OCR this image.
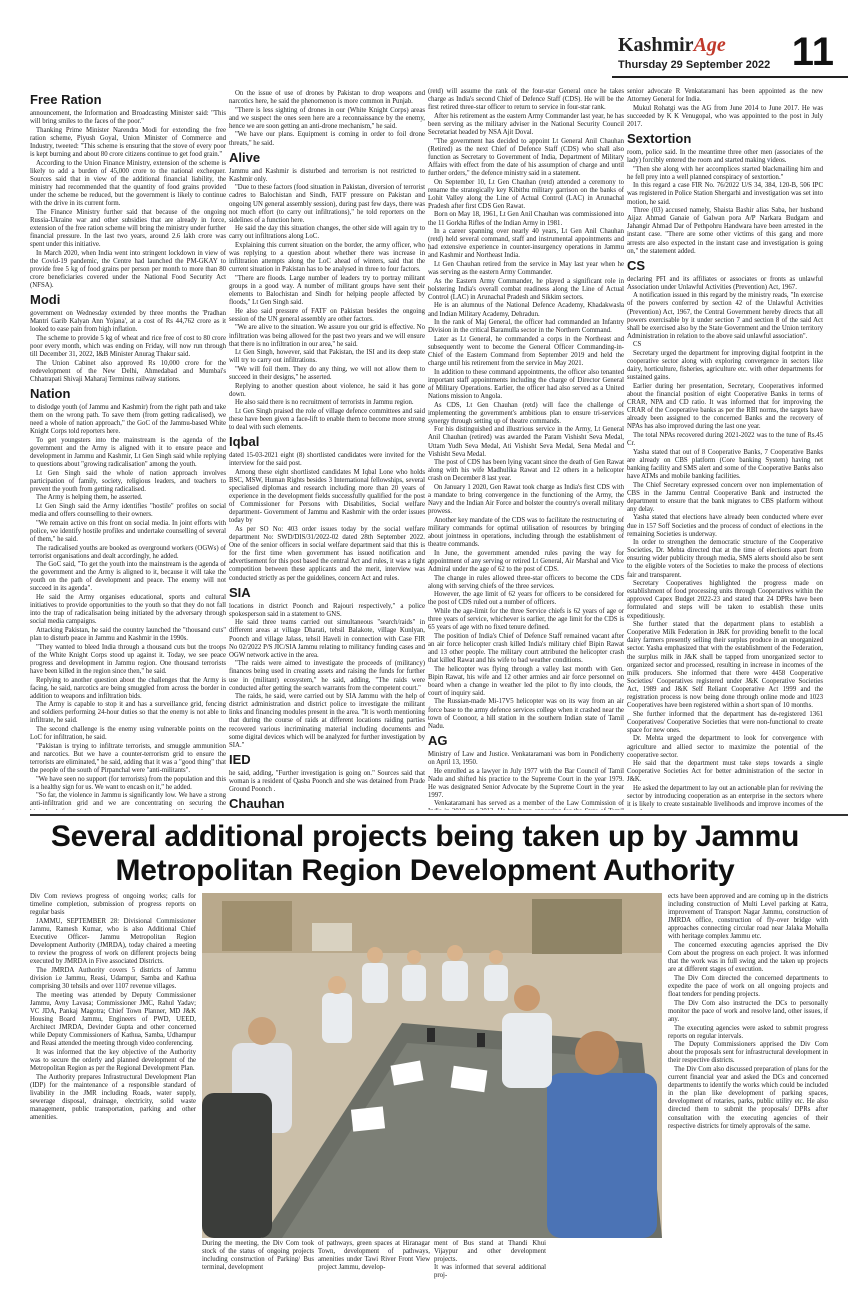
KashmirAge
Thursday 29 September 2022 11
Free Ration

announcement, the Information and Broadcasting Minister said: "This will bring smiles to the faces of the poor."

Thanking Prime Minister Narendra Modi for extending the free ration scheme, Piyush Goyal, Union Minister of Commerce and Industry, tweeted: "This scheme is ensuring that the stove of every poor is kept burning and about 80 crore citizens continue to get food grain."

According to the Union Finance Ministry, extension of the scheme is likely to add a burden of 45,000 crore to the national exchequer. Sources said that in view of the additional financial liability, the ministry had recommended that the quantity of food grains provided under the scheme be reduced, but the government is likely to continue with the drive in its current form.

The Finance Ministry further said that because of the ongoing Russia-Ukraine war and other subsidies that are already in force, extension of the free ration scheme will bring the ministry under further financial pressure. In the last two years, around 2.6 lakh crore was spent under this initiative.

In March 2020, when India went into stringent lockdown in view of the Covid-19 pandemic, the Centre had launched the PM-GKAY to provide free 5 kg of food grains per person per month to more than 80 crore beneficiaries covered under the National Food Security Act (NFSA).

Modi

government on Wednesday extended by three months the 'Pradhan Mantri Garib Kalyan Ann Yojana', at a cost of Rs 44,762 crore as it looked to ease pain from high inflation.

The scheme to provide 5 kg of wheat and rice free of cost to 80 crore poor every month, which was ending on Friday, will now run through till December 31, 2022, I&B Minister Anurag Thakur said.

The Union Cabinet also approved Rs 10,000 crore for the redevelopment of the New Delhi, Ahmedabad and Mumbai's Chhatrapati Shivaji Maharaj Terminus railway stations.

Nation

to dislodge youth (of Jammu and Kashmir) from the right path and take them on the wrong path. To save them (from getting radicalised), we need a whole of nation approach," the GoC of the Jammu-based White Knight Corps told reporters here.

To get youngsters into the mainstream is the agenda of the government and the Army is aligned with it to ensure peace and development in Jammu and Kashmir, Lt Gen Singh said while replying to questions about "growing radicalisation" among the youth.

Lt Gen Singh said the whole of nation approach involves participation of family, society, religious leaders, and teachers to prevent the youth from getting radicalised.

The Army is helping them, he asserted.

Lt Gen Singh said the Army identifies "hostile" profiles on social media and offers counselling to their owners.

"We remain active on this front on social media. In joint efforts with police, we identify hostile profiles and undertake counselling of several of them," he said.

The radicalised youths are booked as overground workers (OGWs) of terrorist organisations and dealt accordingly, he added.

The GoC said, "To get the youth into the mainstream is the agenda of the government and the Army is aligned to it, because it will take the youth on the path of development and peace. The enemy will not succeed in its agenda".

He said the Army organises educational, sports and cultural initiatives to provide opportunities to the youth so that they do not fall into the trap of radicalisation being initiated by the adversary through social media campaigns.

Attacking Pakistan, he said the country launched the "thousand cuts" plan to disturb peace in Jammu and Kashmir in the 1990s.

"They wanted to bleed India through a thousand cuts but the troops of the White Knight Corps stood up against it. Today, we see peace progress and development in Jammu region. One thousand terrorists have been killed in the region since then," he said.

Replying to another question about the challenges that the Army is facing, he said, narcotics are being smuggled from across the border in addition to weapons and infiltration bids.

The Army is capable to stop it and has a surveillance grid, fencing and soldiers performing 24-hour duties so that the enemy is not able to infiltrate, he said.

The second challenge is the enemy using vulnerable points on the LoC for infiltration, he said.

"Pakistan is trying to infiltrate terrorists, and smuggle ammunition and narcotics. But we have a counter-terrorism grid to ensure the terrorists are eliminated," he said, adding that it was a "good thing" that the people of the south of Pirpanchal were "anti-militants".

"We have seen no support (for terrorists) from the population and this is a healthy sign for us. We want to encash on it," he added.

"So far, the violence in Jammu is significantly low. We have a strong anti-infiltration grid and we are concentrating on securing the

On the issue of use of drones by Pakistan to drop weapons and narcotics here, he said the phenomenon is more common in Punjab.

"There is less sighting of drones in our (White Knight Corps) areas and we suspect the ones seen here are a reconnaissance by the enemy, hence we are soon getting an anti-drone mechanism," he said.

"We have our plans. Equipment is coming in order to foil drone threats," he said.

Alive

Jammu and Kashmir is disturbed and terrorism is not restricted to Kashmir only.

"Due to these factors (food situation in Pakistan, diversion of terrorist cadres to Balochistan and Sindh, FATF pressure on Pakistan and ongoing UN general assembly session), during past few days, there was not much effort (to carry out infiltrations)," he told reporters on the sidelines of a function here.

He said the day this situation changes, the other side will again try to carry out infiltrations along LoC.

Explaining this current situation on the border, the army officer, who was replying to a question about whether there was increase in infiltration attempts along the LoC ahead of winters, said that the current situation in Pakistan has to be analysed in three to four factors.

"There are floods. Large number of leaders try to portray militant groups in a good way. A number of militant groups have sent their elements to Balochistan and Sindh for helping people affected by floods," Lt Gen Singh said.

He also said pressure of FATF on Pakistan besides the ongoing session of the UN general assembly are other factors.

"We are alive to the situation. We assure you our grid is effective. No infiltration was being allowed for the past two years and we will ensure that there is no infiltration in our area," he said.

Lt Gen Singh, however, said that Pakistan, the ISI and its deep state will try to carry out infiltrations.

"We will foil them. They do any thing, we will not allow them to succeed in their designs," he asserted.

Replying to another question about violence, he said it has gone down.

He also said there is no recruitment of terrorists in Jammu region.

Lt Gen Singh praised the role of village defence committees and said these have been given a face-lift to enable them to become more strong to deal with such elements.

Iqbal

dated 15-03-2021 eight (8) shortlisted candidates were invited for the interview for the said post.

Among these eight shortlisted candidates M Iqbal Lone who holds BSC, MSW, Human Rights besides 3 International fellowships, several specialised diplomas and research including more than 20 years of experience in the development fields successfully qualified for the post of Commissioner for Persons with Disabilities, Social welfare department- Government of Jammu and Kashmir with the order issues today by

As per SO No: 403 order issues today by the social welfare department No: SWD/DIS/31/2022-02 dated 28th September 2022. One of the senior officers in social welfare department said that this is for the first time when government has issued notification and advertisement for this post based the central Act and rules, it was a tight competition between these applicants and the merit, interview was conducted strictly as per the guidelines, concern Act and rules.

SIA

locations in district Poonch and Rajouri respectively," a police spokesperson said in a statement to GNS.

He said three teams carried out simultaneous "search/raids" in different areas at village Dharati, tehsil Balakote, village Kunlyan, Poonch and village Jalass, tehsil Haveli in connection with Case FIR No 02/2022 P/S JIC/SIA Jammu relating to militancy funding cases and OGW network active in the area.

"The raids were aimed to investigate the proceeds of (militancy) finances being used in creating assets and raising the funds for further use in (militant) ecosystem," he said, adding, "The raids were conducted after getting the search warrants from the competent court."

The raids, he said, were carried out by SIA Jammu with the help of district administration and district police to investigate the militant links and financing modules present in the area. "It is worth mentioning that during the course of raids at different locations raiding parties recovered various incriminating material including documents and some digital devices which will be analyzed for further investigation by SIA."

IED

he said, adding, "Further investigation is going on." Sources said that woman is a resident of Qasba Poonch and she was detained from Prade Ground Poonch .

Chauhan

(retd) will assume the rank of the four-star General once he takes charge as India's second Chief of Defence Staff (CDS). He will be the first retired three-star officer to return to service in four-star rank.

After his retirement as the eastern Army Commander last year, he has been serving as the military adviser in the National Security Council Secretariat headed by NSA Ajit Doval.

"The government has decided to appoint Lt General Anil Chauhan (Retired) as the next Chief of Defence Staff (CDS) who shall also function as Secretary to Government of India, Department of Military Affairs with effect from the date of his assumption of charge and until further orders," the defence ministry said in a statement.

On September 10, Lt Gen Chauhan (retd) attended a ceremony to rename the strategically key Kibithu military garrison on the banks of Lohit Valley along the Line of Actual Control (LAC) in Arunachal Pradesh after first CDS Gen Rawat.

Born on May 18, 1961, Lt Gen Anil Chauhan was commissioned into the 11 Gorkha Rifles of the Indian Army in 1981.

In a career spanning over nearly 40 years, Lt Gen Anil Chauhan (retd) held several command, staff and instrumental appointments and had extensive experience in counter-insurgency operations in Jammu and Kashmir and Northeast India.

Lt Gen Chauhan retired from the service in May last year when he was serving as the eastern Army Commander.

As the Eastern Army Commander, he played a significant role in bolstering India's overall combat readiness along the Line of Actual Control (LAC) in Arunachal Pradesh and Sikkim sectors.

He is an alumnus of the National Defence Academy, Khadakwasla and Indian Military Academy, Dehradun.

In the rank of Maj General, the officer had commanded an Infantry Division in the critical Baramulla sector in the Northern Command.

Later as Lt General, he commanded a corps in the Northeast and subsequently went to become the General Officer Commanding-in-Chief of the Eastern Command from September 2019 and held the charge until his retirement from the service in May 2021.

In addition to these command appointments, the officer also tenanted important staff appointments including the charge of Director General of Military Operations. Earlier, the officer had also served as a United Nations mission to Angola.

As CDS, Lt Gen Chauhan (retd) will face the challenge of implementing the government's ambitious plan to ensure tri-services synergy through setting up of theatre commands.

For his distinguished and illustrious service in the Army, Lt General Anil Chauhan (retired) was awarded the Param Vishisht Seva Medal, Uttam Yudh Seva Medal, Ati Vishisht Seva Medal, Sena Medal and Vishisht Seva Medal.

The post of CDS has been lying vacant since the death of Gen Rawat along with his wife Madhulika Rawat and 12 others in a helicopter crash on December 8 last year.

On January 1 2020, Gen Rawat took charge as India's first CDS with a mandate to bring convergence in the functioning of the Army, the Navy and the Indian Air Force and bolster the country's overall military prowess.

Another key mandate of the CDS was to facilitate the restructuring of military commands for optimal utilisation of resources by bringing about jointness in operations, including through the establishment of theatre commands.

In June, the government amended rules paving the way for appointment of any serving or retired Lt General, Air Marshal and Vice Admiral under the age of 62 to the post of CDS.

The change in rules allowed three-star officers to become the CDS along with serving chiefs of the three services.

However, the age limit of 62 years for officers to be considered for the post of CDS ruled out a number of officers.

While the age-limit for the three Service chiefs is 62 years of age or three years of service, whichever is earlier, the age limit for the CDS is 65 years of age with no fixed tenure defined.

The position of India's Chief of Defence Staff remained vacant after an air force helicopter crash killed India's military chief Bipin Rawat and 13 other people. The military court attributed the helicopter crash that killed Rawat and his wife to bad weather conditions.

The helicopter was flying through a valley last month with Gen. Bipin Rawat, his wife and 12 other armies and air force personnel on board when a change in weather led the pilot to fly into clouds, the court of inquiry said.

The Russian-made Mi-17V5 helicopter was on its way from an air force base to the army defence services college when it crashed near the town of Coonoor, a hill station in the southern Indian state of Tamil Nadu.

AG

Ministry of Law and Justice. Venkataramani was born in Pondicherry on April 13, 1950.

He enrolled as a lawyer in July 1977 with the Bar Council of Tamil Nadu and shifted his practice to the Supreme Court in the year 1979. He was designated Senior Advocate by the Supreme Court in the year 1997.

Venkataramani has served as a member of the Law Commission of

senior advocate R Venkataramani has been appointed as the new Attorney General for India.

Mukul Rohatgi was the AG from June 2014 to June 2017. He was succeeded by K K Venugopal, who was appointed to the post in July 2017.

Sextortion

room, police said. In the meantime three other men (associates of the lady) forcibly entered the room and started making videos.

"Then she along with her accomplices started blackmailing him and he fell prey into a well planned conspiracy of sextortion."

In this regard a case FIR No. 76/2022 U/S 34, 384, 120-B, 506 IPC was registered in Police Station Shergarhi and investigation was set into motion, he said.

Three (03) accused namely, Shaista Bashir alias Saba, her husband Aijaz Ahmad Ganaie of Galwan pora A/P Narkara Budgam and Jahangir Ahmad Dar of Pethpohru Handwara have been arrested in the instant case. "There are some other victims of this gang and more arrests are also expected in the instant case and investigation is going on," the statement added.

CS

declaring PFI and its affiliates or associates or fronts as unlawful Association under Unlawful Activities (Prevention) Act, 1967.

A notification issued in this regard by the ministry reads, "In exercise of the powers conferred by section 42 of the Unlawful Activities (Prevention) Act, 1967, the Central Government hereby directs that all powers exercisable by it under section 7 and section 8 of the said Act shall be exercised also by the State Government and the Union territory Administration in relation to the above said unlawful association".

CS

Secretary urged the department for improving digital footprint in the cooperative sector along with exploring convergence in sectors like dairy, horticulture, fisheries, agriculture etc. with other departments for sustained gains.

Earlier during her presentation, Secretary, Cooperatives informed about the financial position of eight Cooperative Banks in terms of CRAR, NPA and CD ratio. It was informed that for improving the CRAR of the Cooperative banks as per the RBI norms, the targets have already been assigned to the concerned Banks and the recovery of NPAs has also improved during the last one year.

The total NPAs recovered during 2021-2022 was to the tune of Rs.45 Cr.

Yasha stated that out of 8 Cooperative Banks, 7 Cooperative Banks are already on CBS platform (Core banking System) having net banking facility and SMS alert and some of the Cooperative Banks also have ATMs and mobile banking facilities.

The Chief Secretary expressed concern over non implementation of CBS in the Jammu Central Cooperative Bank and instructed the department to ensure that the bank migrates to CBS platform without any delay.

Yasha stated that elections have already been conducted where ever due in 157 Soff Societies and the process of conduct of elections in the remaining Societies is underway.

In order to strengthen the democratic structure of the Cooperative Societies, Dr. Mehta directed that at the time of elections apart from ensuring wider publicity through media, SMS alerts should also be sent to the eligible voters of the Societies to make the process of elections fair and transparent.

Secretary Cooperatives highlighted the progress made on establishment of food processing units through Cooperatives within the approved Capex Budget 2022-23 and stated that 24 DPRs have been formulated and steps will be taken to establish these units expeditiously.

She further stated that the department plans to establish a Cooperative Milk Federation in J&K for providing benefit to the local dairy farmers presently selling their surplus produce in an unorganized sector. Yasha emphasized that with the establishment of the Federation, the surplus milk in J&K shall be tapped from unorganized sector to organized sector and processed, resulting in increase in incomes of the milk producers. She informed that there were 4458 Cooperative Societies/ Cooperatives registered under J&K Cooperative Societies Act, 1989 and J&K Self Reliant Cooperative Act 1999 and the registration process is now being done through online mode and 1023 Cooperatives have been registered within a short span of 10 months.

She further informed that the department has de-registered 1361 Cooperatives/ Cooperative Societies that were non-functional to create space for new ones.

Dr. Mehta urged the department to look for convergence with agriculture and allied sector to maximize the potential of the cooperative sector.

He said that the department must take steps towards a single Cooperative Societies Act for better administration of the sector in J&K.

He asked the department to lay out an actionable plan for reviving the sector by introducing cooperation as an enterprise in the sectors where it is likely to create sustainable livelihoods and improve incomes of the

Several additional projects being taken up by Jammu Metropolitan Region Development Authority

Div Com reviews progress of ongoing works; calls for timeline completion, submission of progress reports on regular basis

JAMMU, SEPTEMBER 28: Divisional Commissioner Jammu, Ramesh Kumar, who is also Additional Chief Executive Officer- Jammu Metropolitan Region Development Authority (JMRDA), today chaired a meeting to review the progress of work on different projects being executed by JMRDA in Five associated Districts.

The JMRDA Authority covers 5 districts of Jammu division i.e Jammu, Reasi, Udampur, Samba and Kathua comprising 30 tehsils and over 1107 revenue villages.

The meeting was attended by Deputy Commissioner Jammu, Avny Lavasa; Commissioner JMC, Rahul Yadav; VC JDA, Pankaj Magotra; Chief Town Planner, MD J&K Housing Board Jammu, Engineers of PWD, UEED, Architect JMRDA, Devinder Gupta and other concerned while Deputy Commissioners of Kathua, Samba, Udhampur and Reasi attended the meeting through video conferencing.

It was informed that the key objective of the Authority was to secure the orderly and planned development of the Metropolitan Region as per the Regional Development Plan.

The Authority prepares Infrastructural Development Plan (IDP) for the maintenance of a responsible standard of livability in the JMR including Roads, water supply, sewerage disposal, drainage, electricity, solid waste management, public transportation, parking and other amenities.

During the meeting, the Div Com took stock of the status of ongoing projects including construction of Parking/ Bus terminal, development

of pathways, green spaces at Hiranagar Town, development of pathways, amenities under Tawi River Front View project Jammu, develop-

ment of Bus stand at Thandi Khui Vijaypur and other development projects.

It was informed that several additional proj-

ects have been approved and are coming up in the districts including construction of Multi Level parking at Katra, improvement of Transport Nagar Jammu, construction of JMRDA office, construction of fly-over bridge with approaches connecting circular road near Jalaka Mohalla with heritage complex Jammu etc.

The concerned executing agencies apprised the Div Com about the progress on each project. It was informed that the work was in full swing and the taken up projects are at different stages of execution.

The Div Com directed the concerned departments to expedite the pace of work on all ongoing projects and float tenders for pending projects.

The Div Com also instructed the DCs to personally monitor the pace of work and resolve land, other issues, if any.

The executing agencies were asked to submit progress reports on regular intervals.

The Deputy Commissioners apprised the Div Com about the proposals sent for infrastructural development in their respective districts.

The Div Com also discussed preparation of plans for the current financial year and asked the DCs and concerned departments to identify the works which could be included in the plan like development of parking spaces, development of rotaries, parks, public utility etc. He also directed them to submit the proposals/ DPRs after consultation with the executing agencies of their respective districts for timely approvals of the same.
